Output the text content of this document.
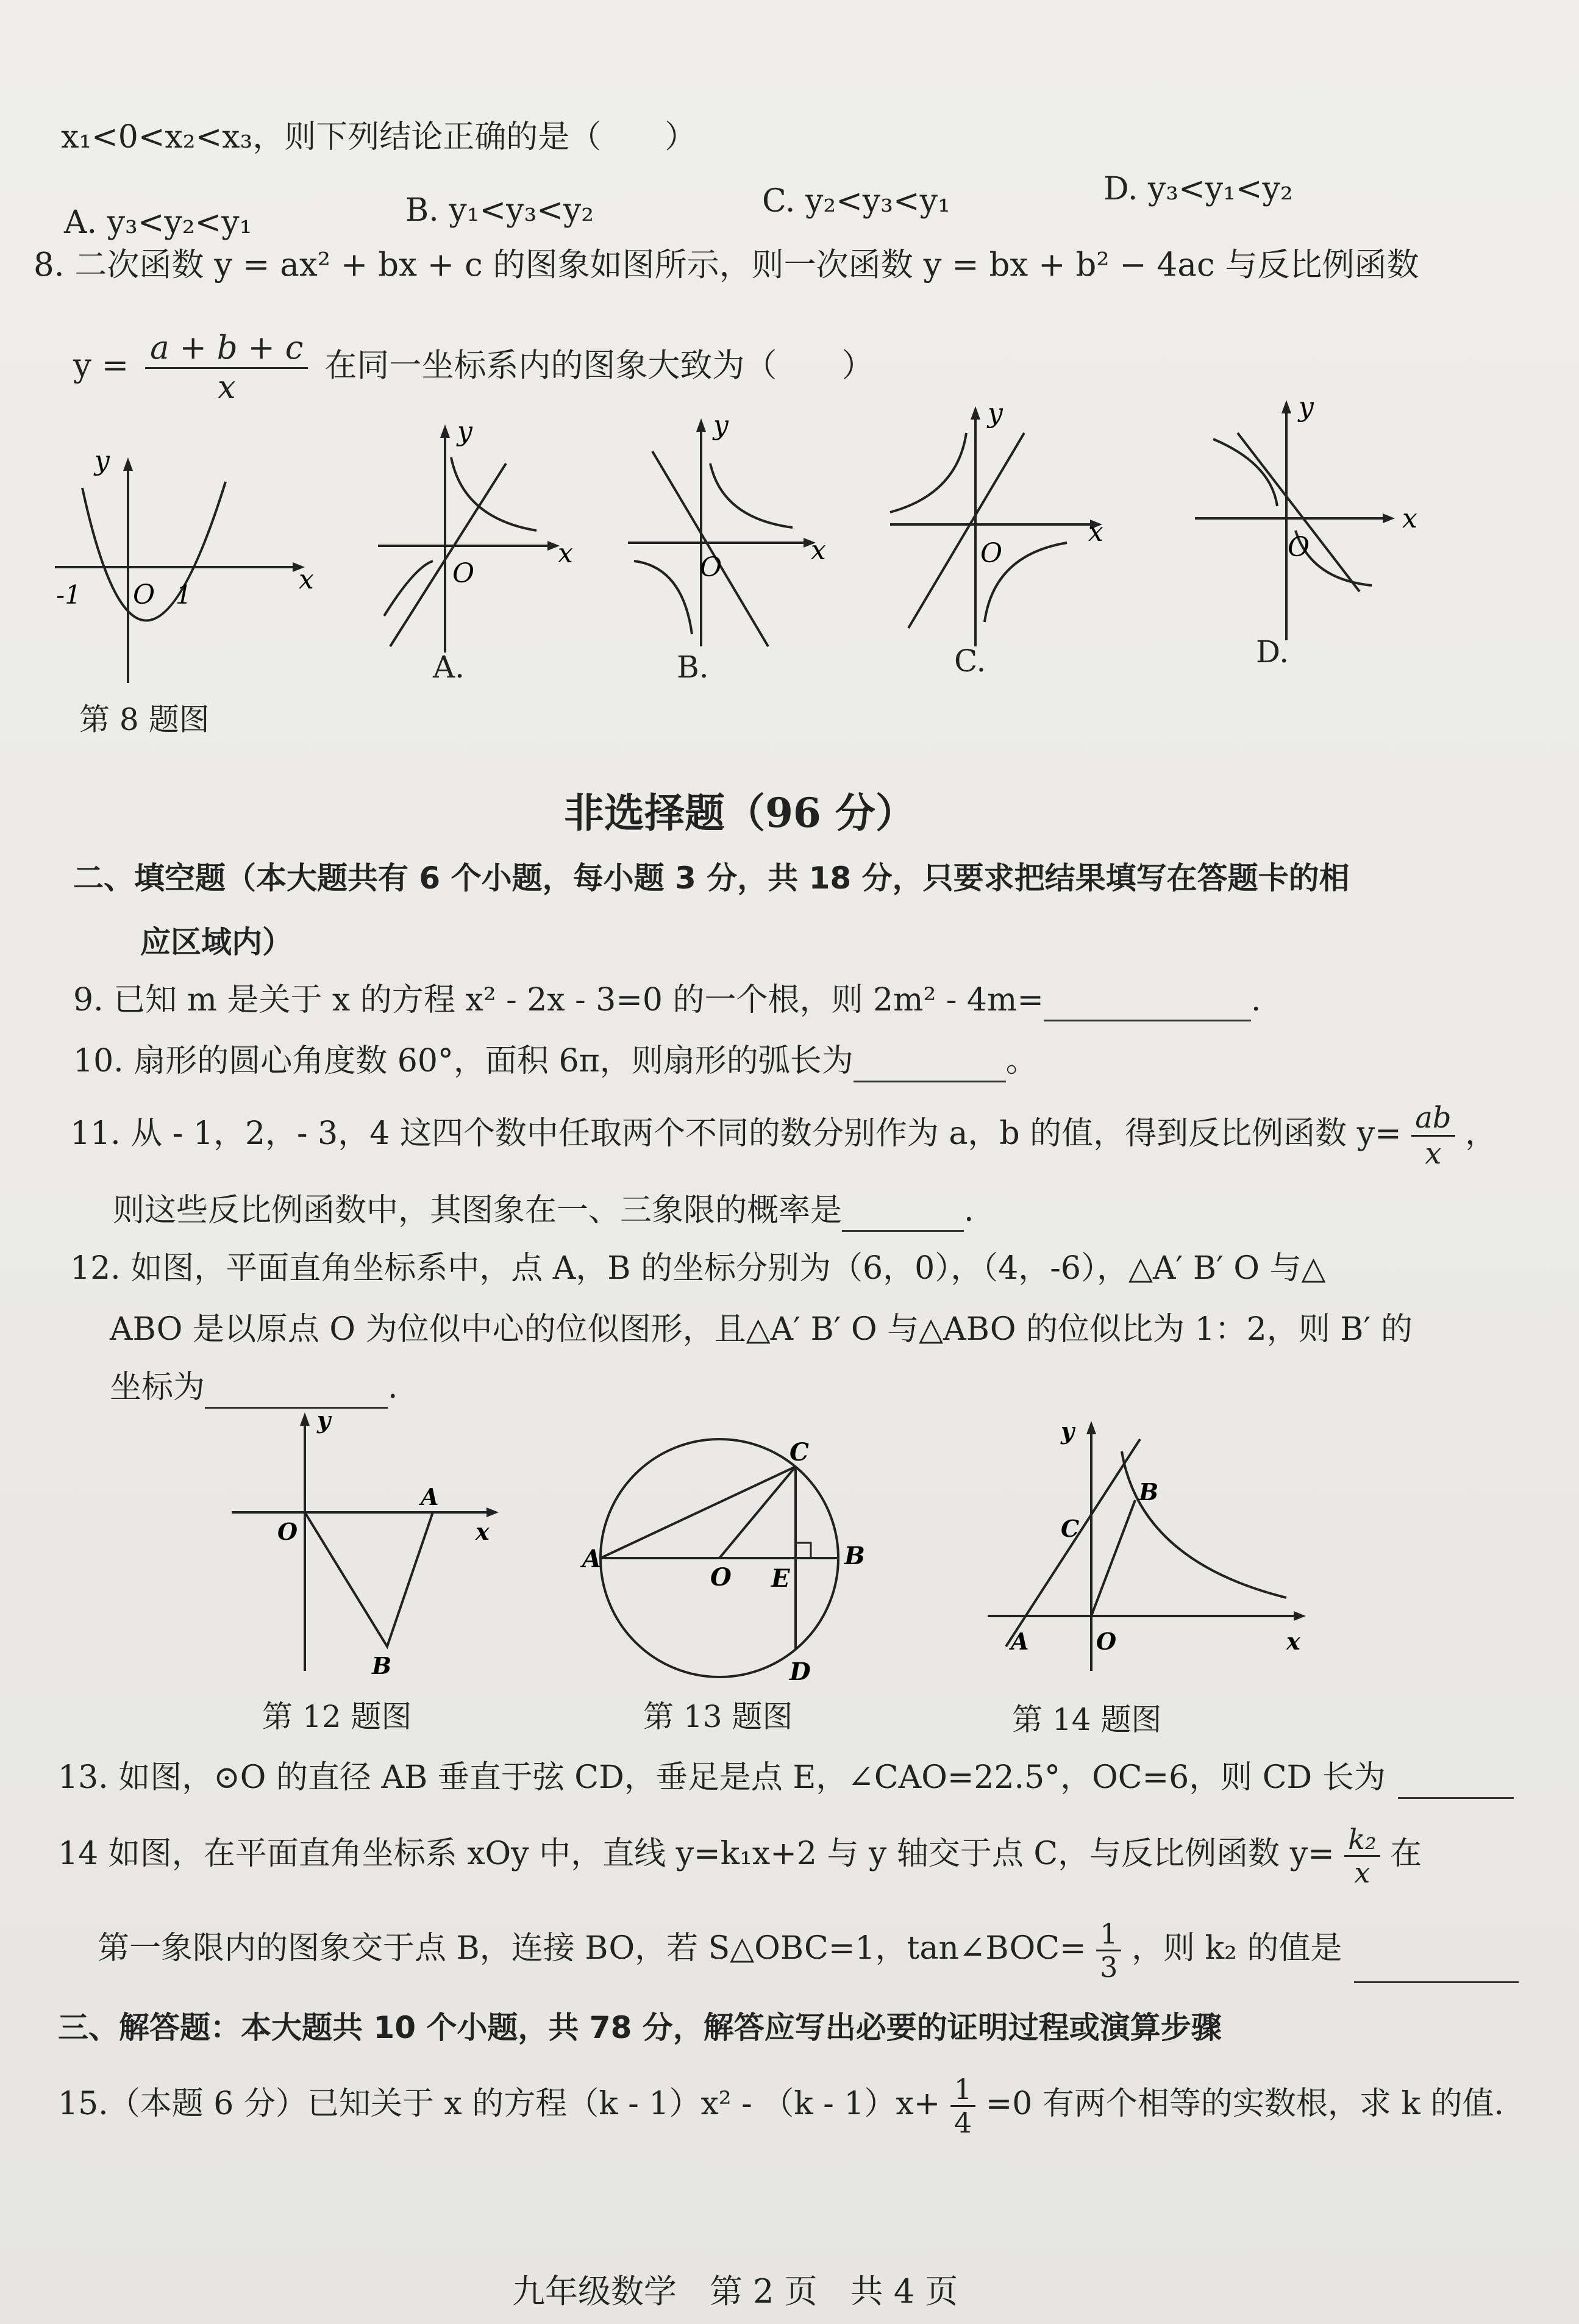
x₁<0<x₂<x₃，则下列结论正确的是（　　）
A. y₃<y₂<y₁	B. y₁<y₃<y₂	C. y₂<y₃<y₁	D. y₃<y₁<y₂
8. 二次函数 y = ax² + bx + c 的图象如图所示，则一次函数 y = bx + b² − 4ac 与反比例函数
$y = \frac{a + b + c}{x}$ 在同一坐标系内的图象大致为（　　）
y
x
-1 O 1
第 8 题图
y
x
O
A.
y
x
O
B.
y
x
O
C.
y
x
O
D.
非选择题（96 分）
二、填空题（本大题共有 6 个小题，每小题 3 分，共 18 分，只要求把结果填写在答题卡的相
应区域内）
9. 已知 m 是关于 x 的方程 x² - 2x - 3=0 的一个根，则 2m² - 4m=	.
10. 扇形的圆心角度数 60°，面积 6π，则扇形的弧长为	。
11. 从 - 1，2，- 3，4 这四个数中任取两个不同的数分别作为 a，b 的值，得到反比例函数 $y= \frac{ab}{x}$ ，
则这些反比例函数中，其图象在一、三象限的概率是	.
12. 如图，平面直角坐标系中，点 A，B 的坐标分别为（6，0），（4，-6），△A′ B′ O 与△
ABO 是以原点 O 为位似中心的位似图形，且△A′ B′ O 与△ABO 的位似比为 1：2，则 B′ 的
坐标为	.
y
x
O
A
B
第 12 题图
A
O E
B
C
D
第 13 题图
y
x
A	O
C
B
第 14 题图
13. 如图，⊙O 的直径 AB 垂直于弦 CD，垂足是点 E，∠CAO=22.5°，OC=6，则 CD 长为
14 如图，在平面直角坐标系 xOy 中，直线 y=k₁x+2 与 y 轴交于点 C，与反比例函数 $y= \frac{\text{k₂}}{x}$ 在
第一象限内的图象交于点 B，连接 BO，若 S△OBC=1，tan∠BOC= $\frac{1}{3}$ ，则 k₂ 的值是
三、解答题：本大题共 10 个小题，共 78 分，解答应写出必要的证明过程或演算步骤
15.（本题 6 分）已知关于 x 的方程$(k - 1)x^2 - (k - 1)x+ \frac{1}{4} =0$ 有两个相等的实数根，求 k 的值.
九年级数学　第 2 页　共 4 页
